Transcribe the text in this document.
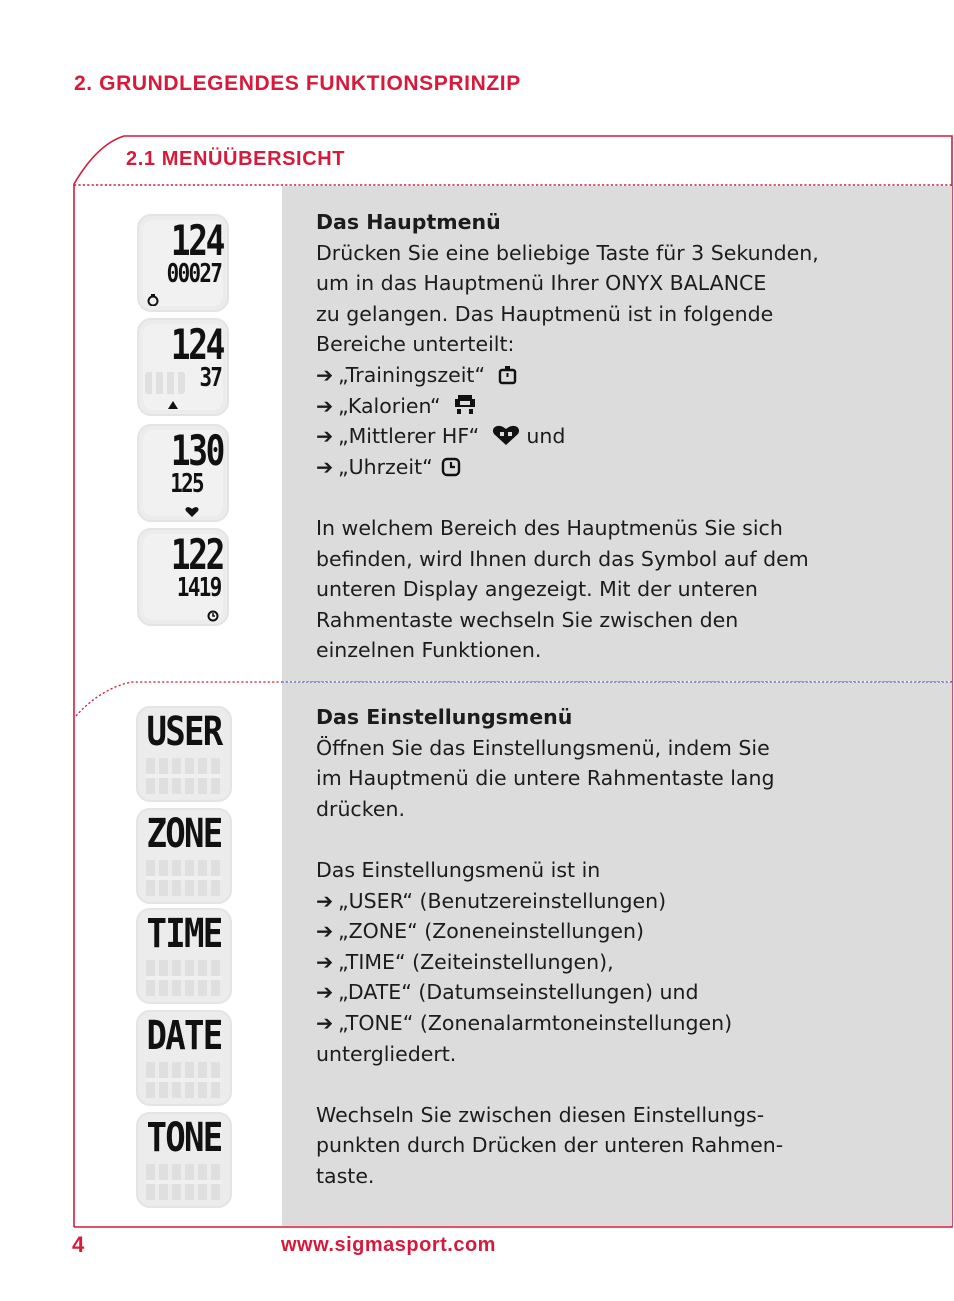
2. GRUNDLEGENDES FUNKTIONSPRINZIP
2.1 MENÜÜBERSICHT
124
00027
124
37
130
125
122
1419
USER
ZONE
TIME
DATE
TONE
Das Hauptmenü
Drücken Sie eine beliebige Taste für 3 Sekunden,
um in das Hauptmenü Ihrer ONYX BALANCE
zu gelangen. Das Hauptmenü ist in folgende
Bereiche unterteilt:
➔ „Trainingszeit“
➔ „Kalorien“
➔ „Mittlerer HF“  und
➔ „Uhrzeit“
In welchem Bereich des Hauptmenüs Sie sich
befinden, wird Ihnen durch das Symbol auf dem
unteren Display angezeigt. Mit der unteren
Rahmentaste wechseln Sie zwischen den
einzelnen Funktionen.
Das Einstellungsmenü
Öffnen Sie das Einstellungsmenü, indem Sie
im Hauptmenü die untere Rahmentaste lang
drücken.
Das Einstellungsmenü ist in
➔ „USER“ (Benutzereinstellungen)
➔ „ZONE“ (Zoneneinstellungen)
➔ „TIME“ (Zeiteinstellungen),
➔ „DATE“ (Datumseinstellungen) und
➔ „TONE“ (Zonenalarmtoneinstellungen)
untergliedert.
Wechseln Sie zwischen diesen Einstellungs-
punkten durch Drücken der unteren Rahmen-
taste.
4	www.sigmasport.com
